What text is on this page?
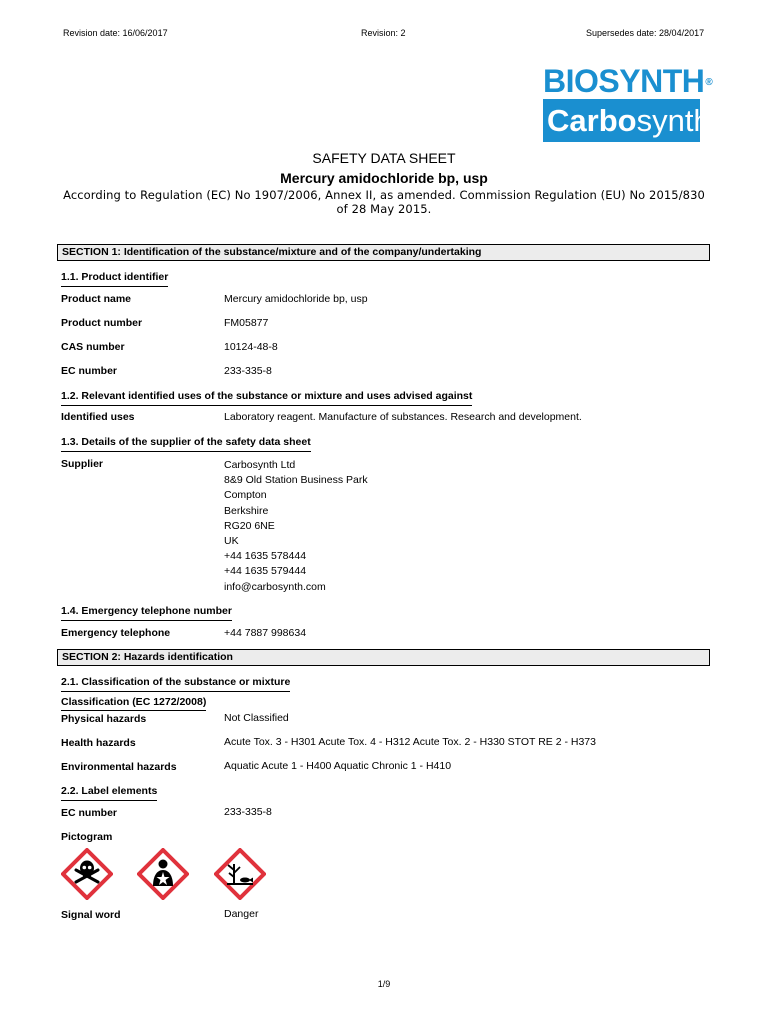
Revision date: 16/06/2017	Revision: 2	Supersedes date: 28/04/2017
BIOSYNTH®
Carbosynth
SAFETY DATA SHEET
Mercury amidochloride bp, usp
According to Regulation (EC) No 1907/2006, Annex II, as amended. Commission Regulation (EU) No 2015/830
of 28 May 2015.
SECTION 1: Identification of the substance/mixture and of the company/undertaking
1.1. Product identifier
Product name	Mercury amidochloride bp, usp
Product number	FM05877
CAS number	10124-48-8
EC number	233-335-8
1.2. Relevant identified uses of the substance or mixture and uses advised against
Identified uses	Laboratory reagent. Manufacture of substances. Research and development.
1.3. Details of the supplier of the safety data sheet
Supplier	Carbosynth Ltd
8&9 Old Station Business Park
Compton
Berkshire
RG20 6NE
UK
+44 1635 578444
+44 1635 579444
info@carbosynth.com
1.4. Emergency telephone number
Emergency telephone	+44 7887 998634
SECTION 2: Hazards identification
2.1. Classification of the substance or mixture
Classification (EC 1272/2008)
Physical hazards	Not Classified
Health hazards	Acute Tox. 3 - H301 Acute Tox. 4 - H312 Acute Tox. 2 - H330 STOT RE 2 - H373
Environmental hazards	Aquatic Acute 1 - H400 Aquatic Chronic 1 - H410
2.2. Label elements
EC number	233-335-8
Pictogram
Signal word	Danger
1/9
